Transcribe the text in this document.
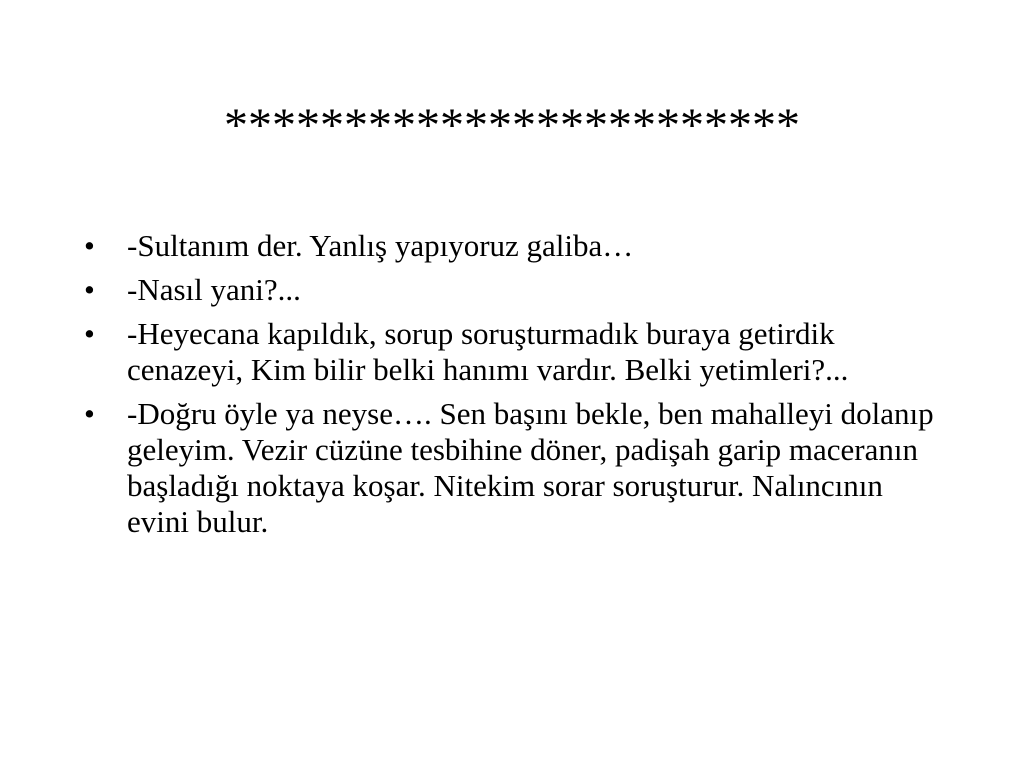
************************
•	-Sultanım der. Yanlış yapıyoruz galiba…
•	-Nasıl yani?...
•	-Heyecana kapıldık, sorup soruşturmadık buraya getirdik cenazeyi, Kim bilir belki hanımı vardır. Belki yetimleri?...
•	-Doğru öyle ya neyse…. Sen başını bekle, ben mahalleyi dolanıp geleyim. Vezir cüzüne tesbihine döner, padişah garip maceranın başladığı noktaya koşar. Nitekim sorar soruşturur. Nalıncının evini bulur.
